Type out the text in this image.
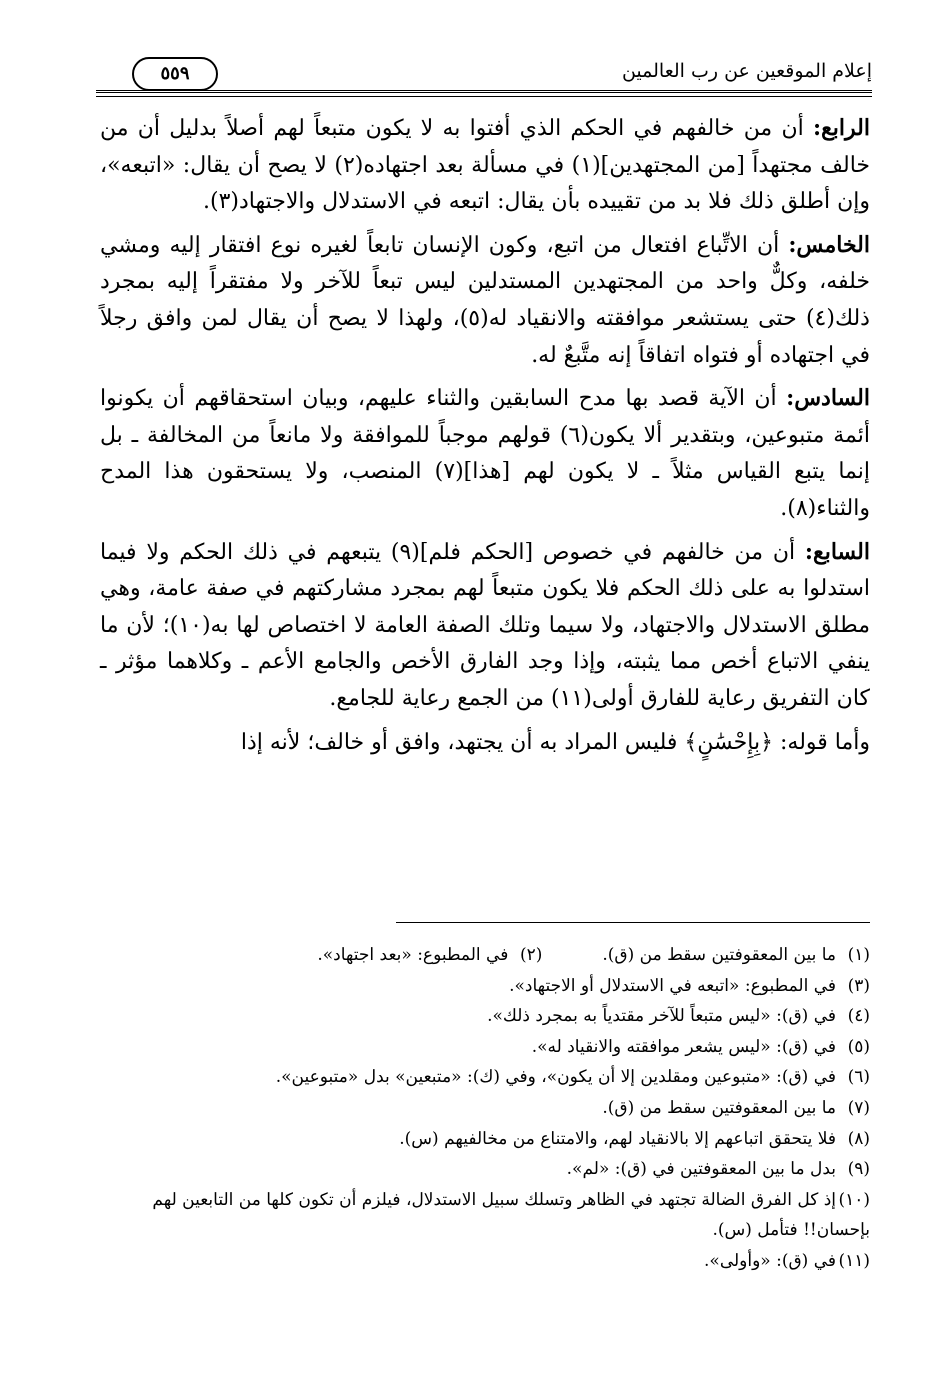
٥٥٩	إعلام الموقعين عن رب العالمين

الرابع: أن من خالفهم في الحكم الذي أفتوا به لا يكون متبعاً لهم أصلاً بدليل أن من خالف مجتهداً [من المجتهدين](١) في مسألة بعد اجتهاده(٢) لا يصح أن يقال: «اتبعه»، وإن أطلق ذلك فلا بد من تقييده بأن يقال: اتبعه في الاستدلال والاجتهاد(٣).

الخامس: أن الاتِّباع افتعال من اتبع، وكون الإنسان تابعاً لغيره نوع افتقار إليه ومشي خلفه، وكلٌّ واحد من المجتهدين المستدلين ليس تبعاً للآخر ولا مفتقراً إليه بمجرد ذلك(٤) حتى يستشعر موافقته والانقياد له(٥)، ولهذا لا يصح أن يقال لمن وافق رجلاً في اجتهاده أو فتواه اتفاقاً إنه متَّبعٌ له.

السادس: أن الآية قصد بها مدح السابقين والثناء عليهم، وبيان استحقاقهم أن يكونوا أئمة متبوعين، وبتقدير ألا يكون(٦) قولهم موجباً للموافقة ولا مانعاً من المخالفة ـ بل إنما يتبع القياس مثلاً ـ لا يكون لهم [هذا](٧) المنصب، ولا يستحقون هذا المدح والثناء(٨).

السابع: أن من خالفهم في خصوص [الحكم فلم](٩) يتبعهم في ذلك الحكم ولا فيما استدلوا به على ذلك الحكم فلا يكون متبعاً لهم بمجرد مشاركتهم في صفة عامة، وهي مطلق الاستدلال والاجتهاد، ولا سيما وتلك الصفة العامة لا اختصاص لها به(١٠)؛ لأن ما ينفي الاتباع أخص مما يثبته، وإذا وجد الفارق الأخص والجامع الأعم ـ وكلاهما مؤثر ـ كان التفريق رعاية للفارق أولى(١١) من الجمع رعاية للجامع.

وأما قوله: ﴿بِإِحْسَٰنٍ﴾ فليس المراد به أن يجتهد، وافق أو خالف؛ لأنه إذا

(١)ما بين المعقوفتين سقط من (ق).(٢)في المطبوع: «بعد اجتهاد».
(٣)في المطبوع: «اتبعه في الاستدلال أو الاجتهاد».
(٤)في (ق): «ليس متبعاً للآخر مقتدياً به بمجرد ذلك».
(٥)في (ق): «ليس يشعر موافقته والانقياد له».
(٦)في (ق): «متبوعين ومقلدين إلا أن يكون»، وفي (ك): «متبعين» بدل «متبوعين».
(٧)ما بين المعقوفتين سقط من (ق).
(٨)فلا يتحقق اتباعهم إلا بالانقياد لهم، والامتناع من مخالفيهم (س).
(٩)بدل ما بين المعقوفتين في (ق): «لم».
(١٠)إذ كل الفرق الضالة تجتهد في الظاهر وتسلك سبيل الاستدلال، فيلزم أن تكون كلها من التابعين لهم بإحسان!! فتأمل (س).
(١١)في (ق): «وأولى».
